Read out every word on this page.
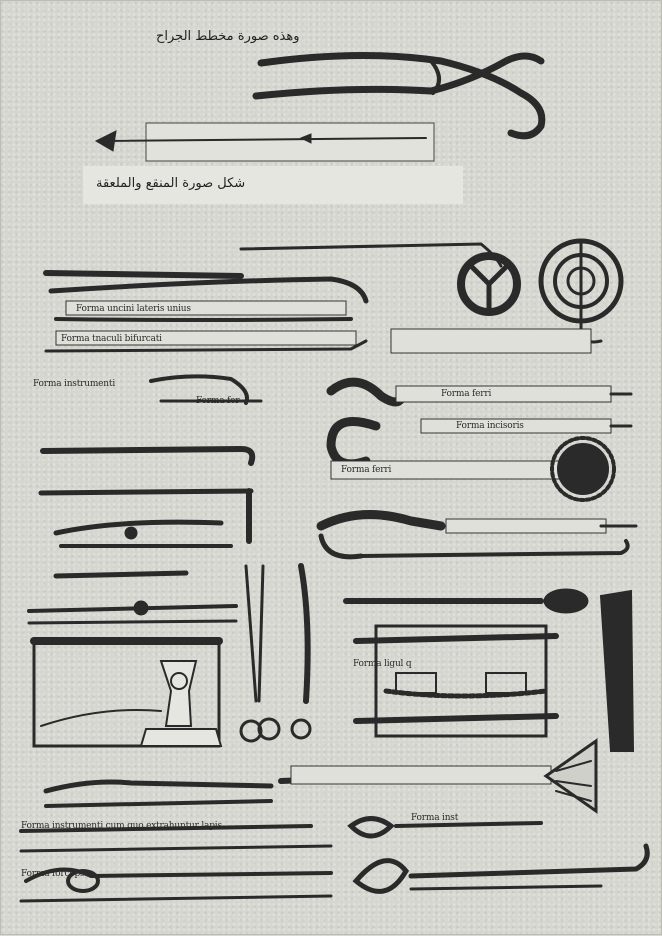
وهذه صورة مخطط الجراح
شكل صورة المنقع والملعقة
Forma uncini lateris unius
Forma tnaculi bifurcati
Forma instrumenti
Forma fer
Forma ferri
Forma incisoris
Forma ferri
Forma ligul q
Forma instrumenti cum quo extrahuntur lapis
Forma forceps
Forma inst
